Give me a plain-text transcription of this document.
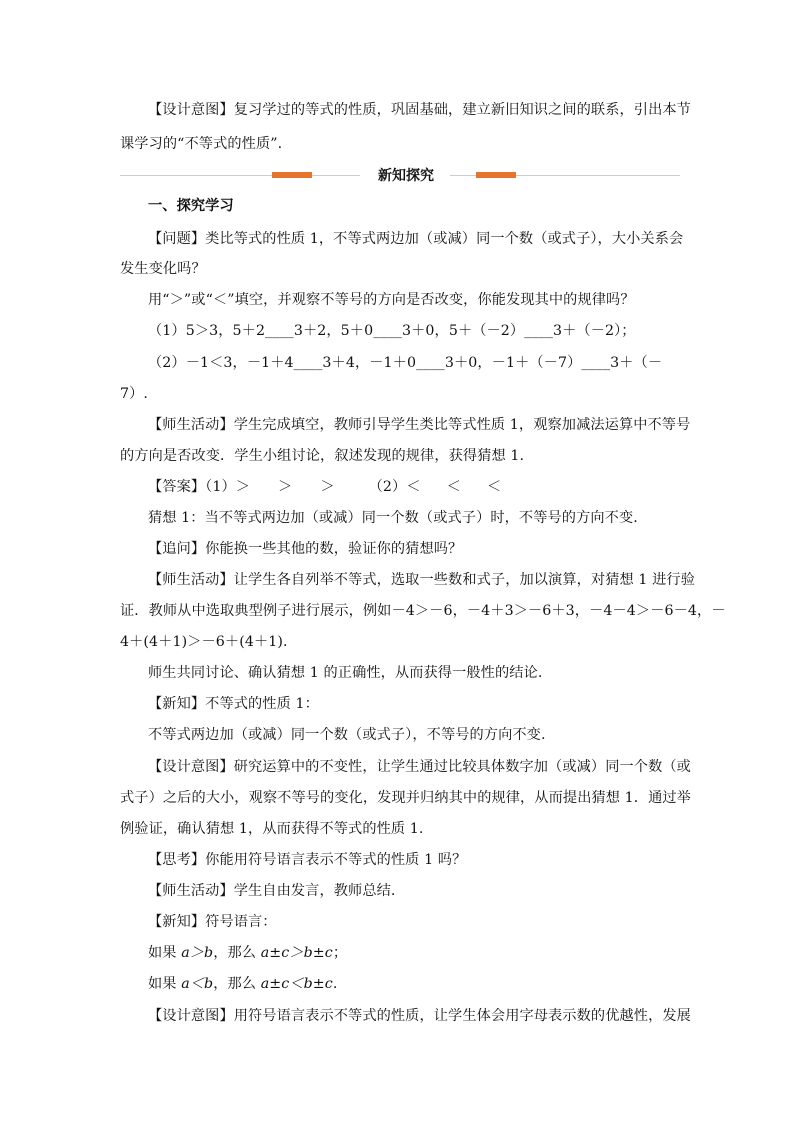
【设计意图】复习学过的等式的性质，巩固基础，建立新旧知识之间的联系，引出本节
课学习的“不等式的性质”.
新知探究
一、探究学习
【问题】类比等式的性质 1，不等式两边加（或减）同一个数（或式子），大小关系会
发生变化吗？
用“＞”或“＜”填空，并观察不等号的方向是否改变，你能发现其中的规律吗？
（1）5＞3，5＋2____3＋2，5＋0____3＋0，5＋（－2）____3＋（－2）；
（2）－1＜3，－1＋4____3＋4，－1＋0____3＋0，－1＋（－7）____3＋（－
7）.
【师生活动】学生完成填空，教师引导学生类比等式性质 1，观察加减法运算中不等号
的方向是否改变．学生小组讨论，叙述发现的规律，获得猜想 1.
【答案】（1）＞ ＞ ＞ （2）＜ ＜ ＜
猜想 1：当不等式两边加（或减）同一个数（或式子）时，不等号的方向不变.
【追问】你能换一些其他的数，验证你的猜想吗？
【师生活动】让学生各自列举不等式，选取一些数和式子，加以演算，对猜想 1 进行验
证．教师从中选取典型例子进行展示，例如－4＞－6，－4＋3＞－6＋3，－4－4＞－6－4，－
4＋(4＋1)＞－6＋(4＋1).
师生共同讨论、确认猜想 1 的正确性，从而获得一般性的结论.
【新知】不等式的性质 1：
不等式两边加（或减）同一个数（或式子），不等号的方向不变.
【设计意图】研究运算中的不变性，让学生通过比较具体数字加（或减）同一个数（或
式子）之后的大小，观察不等号的变化，发现并归纳其中的规律，从而提出猜想 1．通过举
例验证，确认猜想 1，从而获得不等式的性质 1.
【思考】你能用符号语言表示不等式的性质 1 吗？
【师生活动】学生自由发言，教师总结.
【新知】符号语言：
如果 a＞b，那么 a±c＞b±c；
如果 a＜b，那么 a±c＜b±c.
【设计意图】用符号语言表示不等式的性质，让学生体会用字母表示数的优越性，发展
